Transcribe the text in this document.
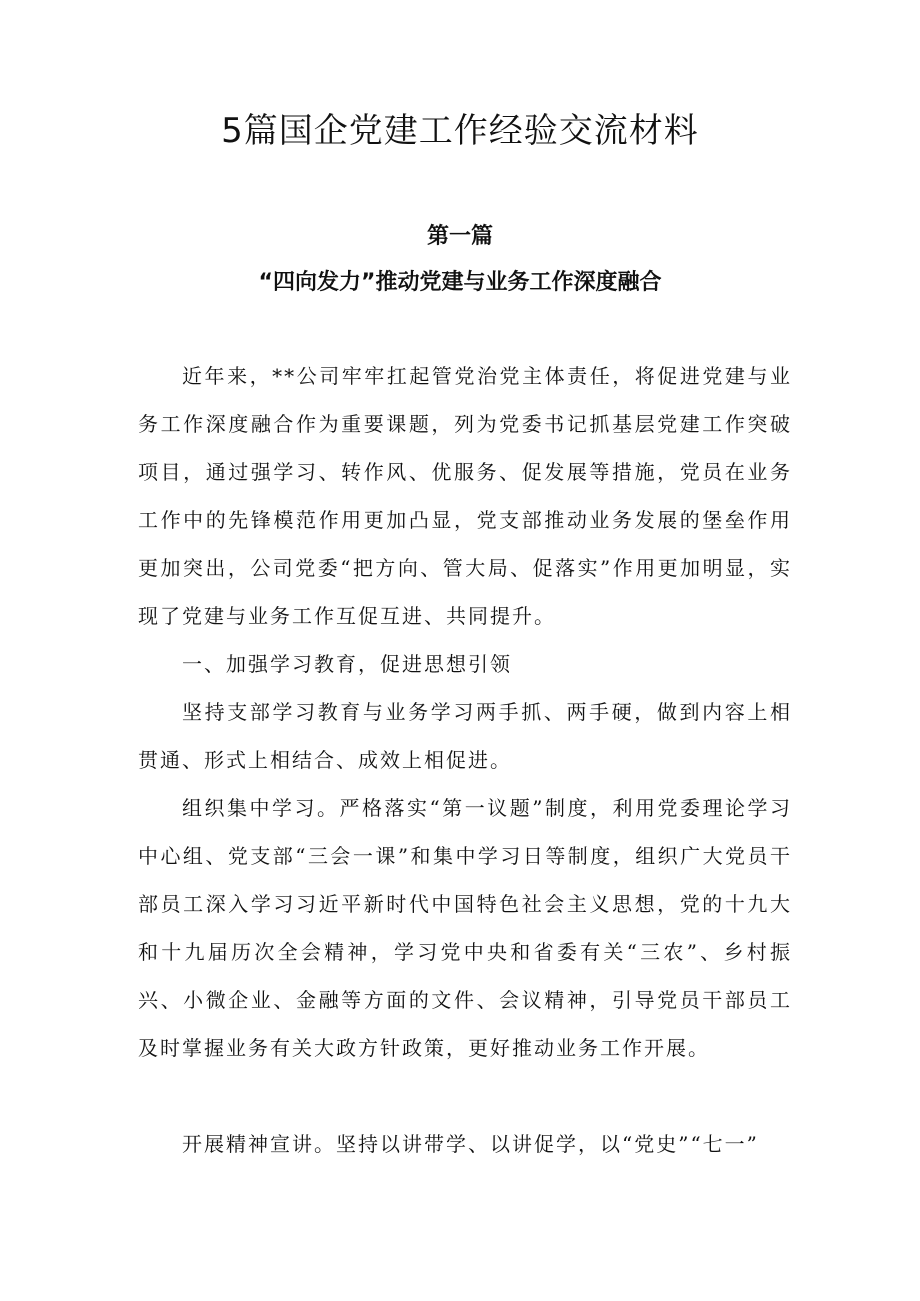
5篇国企党建工作经验交流材料
第一篇
“四向发力”推动党建与业务工作深度融合

近年来，**公司牢牢扛起管党治党主体责任，将促进党建与业务工作深度融合作为重要课题，列为党委书记抓基层党建工作突破项目，通过强学习、转作风、优服务、促发展等措施，党员在业务工作中的先锋模范作用更加凸显，党支部推动业务发展的堡垒作用更加突出，公司党委“把方向、管大局、促落实”作用更加明显，实现了党建与业务工作互促互进、共同提升。

一、加强学习教育，促进思想引领

坚持支部学习教育与业务学习两手抓、两手硬，做到内容上相贯通、形式上相结合、成效上相促进。

组织集中学习。严格落实“第一议题”制度，利用党委理论学习中心组、党支部“三会一课”和集中学习日等制度，组织广大党员干部员工深入学习习近平新时代中国特色社会主义思想，党的十九大和十九届历次全会精神，学习党中央和省委有关“三农”、乡村振兴、小微企业、金融等方面的文件、会议精神，引导党员干部员工及时掌握业务有关大政方针政策，更好推动业务工作开展。

开展精神宣讲。坚持以讲带学、以讲促学，以“党史”“七一”
